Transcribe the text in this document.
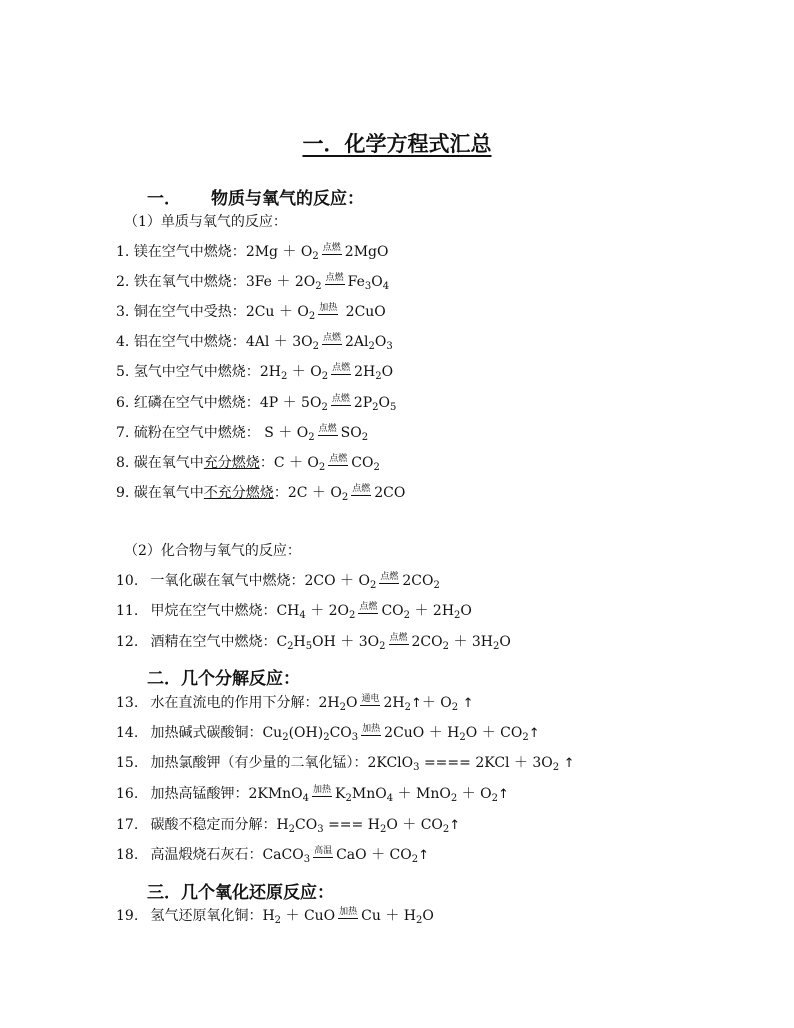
一．化学方程式汇总
一． 物质与氧气的反应：
（1）单质与氧气的反应：
1. 镁在空气中燃烧：$2Mg + O_2$点燃 2MgO
2. 铁在氧气中燃烧：$3Fe + 2O_2$点燃 $Fe_3O_4$
3. 铜在空气中受热：$2Cu + O_2$加热 2CuO
4. 铝在空气中燃烧：$4Al + 3O_2$点燃 $2Al_2O_3$
5. 氢气中空气中燃烧：$2H_2 + O_2$点燃 $2H_2O$
6. 红磷在空气中燃烧：$4P + 5O_2$点燃 $2P_2O_5$
7. 硫粉在空气中燃烧： $S + O_2$点燃 $SO_2$
8. 碳在氧气中充分燃烧：$C + O_2$点燃 $CO_2$
9. 碳在氧气中不充分燃烧：$2C + O_2$点燃 2CO
（2）化合物与氧气的反应：
10. 一氧化碳在氧气中燃烧：$2CO + O_2$点燃 $2CO_2$
11. 甲烷在空气中燃烧：$CH_4 + 2O_2$点燃 $CO_2 + 2H_2O$
12. 酒精在空气中燃烧：$C_2H_5OH + 3O_2$点燃 $2CO_2 + 3H_2O$
二．几个分解反应：
13. 水在直流电的作用下分解：$2H_2O$ 通电 $2H_2↑+ O_2$ ↑
14. 加热碱式碳酸铜：$Cu_2(OH)_2CO_3$加热 $2CuO + H_2O$ ＋ $CO_2↑$
15. 加热氯酸钾（有少量的二氧化锰）：2KClO$_3$ ==== $2KCl + 3O_2$ ↑
16. 加热高锰酸钾：2KMnO$_4$加热 $K_2MnO_4 + MnO_2$ ＋ $O_2↑$
17. 碳酸不稳定而分解：$H_2CO_3$ === $H_2O$ ＋ $CO_2↑$
18. 高温煅烧石灰石：CaCO$_3$高温 CaO ＋ $CO_2↑$
三．几个氧化还原反应：
19. 氢气还原氧化铜：$H_2$ ＋ CuO 加热 $Cu + H_2O$
